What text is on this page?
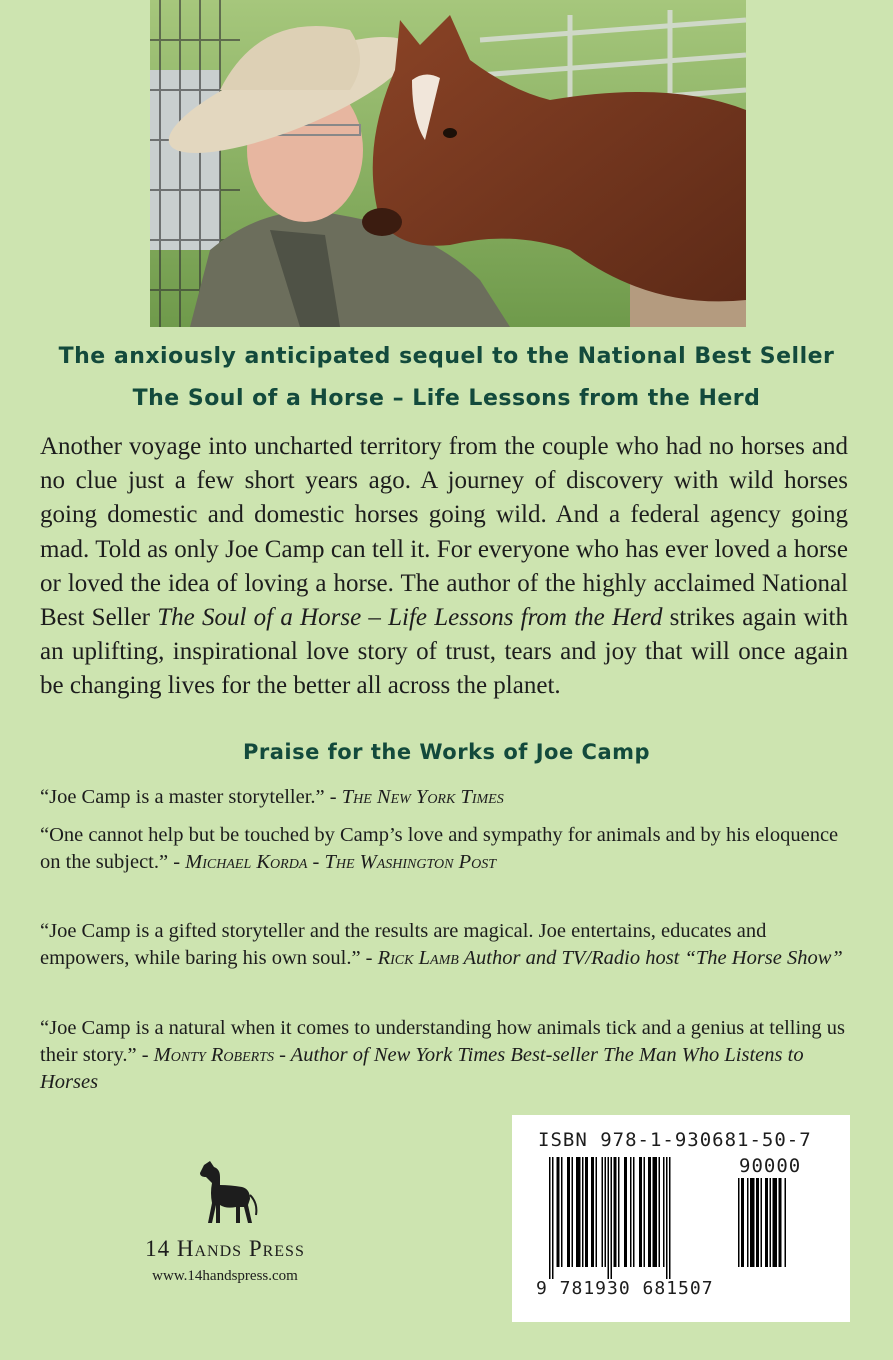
The anxiously anticipated sequel to the National Best Seller
The Soul of a Horse – Life Lessons from the Herd
Another voyage into uncharted territory from the couple who had no horses and no clue just a few short years ago. A journey of discovery with wild horses going domestic and domestic horses going wild. And a federal agency going mad. Told as only Joe Camp can tell it. For everyone who has ever loved a horse or loved the idea of loving a horse. The author of the highly acclaimed National Best Seller The Soul of a Horse – Life Lessons from the Herd strikes again with an uplifting, inspirational love story of trust, tears and joy that will once again be changing lives for the better all across the planet.
Praise for the Works of Joe Camp
“Joe Camp is a master storyteller.” - The New York Times
“One cannot help but be touched by Camp’s love and sympathy for animals and by his eloquence on the subject.” - Michael Korda - The Washington Post
“Joe Camp is a gifted storyteller and the results are magical. Joe entertains, educates and empowers, while baring his own soul.” - Rick Lamb Author and TV/Radio host “The Horse Show”
“Joe Camp is a natural when it comes to understanding how animals tick and a genius at telling us their story.” - Monty Roberts - Author of New York Times Best-seller The Man Who Listens to Horses
14 Hands Press
www.14handspress.com
ISBN 978-1-930681-50-7
90000
9 781930 681507
